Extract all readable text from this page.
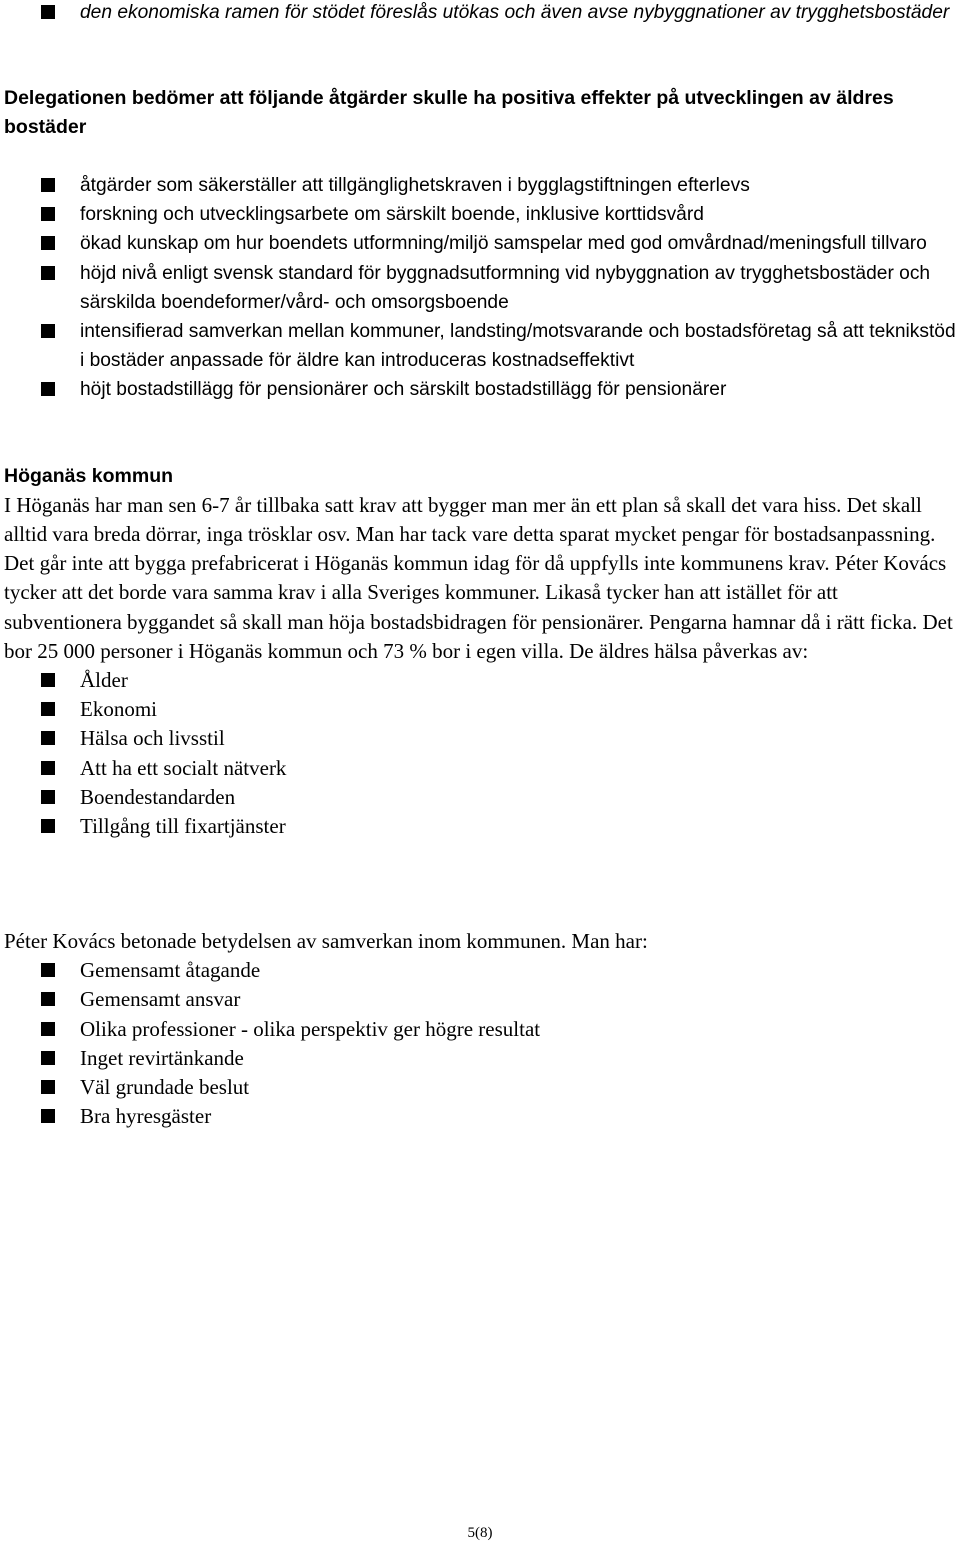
den ekonomiska ramen för stödet föreslås utökas och även avse nybyggnationer av trygghetsbostäder

Delegationen bedömer att följande åtgärder skulle ha positiva effekter på utvecklingen av äldres bostäder

åtgärder som säkerställer att tillgänglighetskraven i bygglagstiftningen efterlevs
forskning och utvecklingsarbete om särskilt boende, inklusive korttidsvård
ökad kunskap om hur boendets utformning/miljö samspelar med god omvårdnad/meningsfull tillvaro
höjd nivå enligt svensk standard för byggnadsutformning vid nybyggnation av trygghetsbostäder och särskilda boendeformer/vård- och omsorgsboende
intensifierad samverkan mellan kommuner, landsting/motsvarande och bostadsföretag så att teknikstöd i bostäder anpassade för äldre kan introduceras kostnadseffektivt
höjt bostadstillägg för pensionärer och särskilt bostadstillägg för pensionärer

Höganäs kommun

I Höganäs har man sen 6-7 år tillbaka satt krav att bygger man mer än ett plan så skall det vara hiss. Det skall alltid vara breda dörrar, inga trösklar osv. Man har tack vare detta sparat mycket pengar för bostadsanpassning. Det går inte att bygga prefabricerat i Höganäs kommun idag för då uppfylls inte kommunens krav. Péter Kovács tycker att det borde vara samma krav i alla Sveriges kommuner. Likaså tycker han att istället för att subventionera byggandet så skall man höja bostadsbidragen för pensionärer. Pengarna hamnar då i rätt ficka. Det bor 25 000 personer i Höganäs kommun och 73 % bor i egen villa. De äldres hälsa påverkas av:

Ålder
Ekonomi
Hälsa och livsstil
Att ha ett socialt nätverk
Boendestandarden
Tillgång till fixartjänster

Péter Kovács betonade betydelsen av samverkan inom kommunen. Man har:

Gemensamt åtagande
Gemensamt ansvar
Olika professioner - olika perspektiv ger högre resultat
Inget revirtänkande
Väl grundade beslut
Bra hyresgäster
5(8)
